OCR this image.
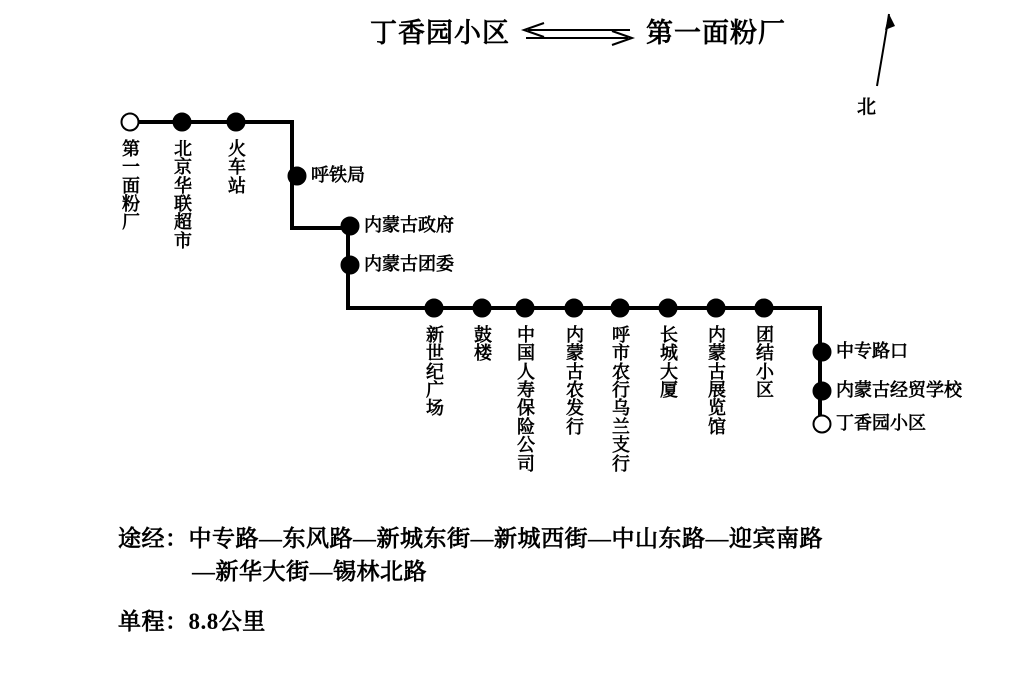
丁香园小区	第一面粉厂
北
第一面粉厂
北京华联超市
火车站
呼铁局
内蒙古政府
内蒙古团委
新世纪广场
鼓楼
中国人寿保险公司
内蒙古农发行
呼市农行乌兰支行
长城大厦
内蒙古展览馆
团结小区
中专路口
内蒙古经贸学校
丁香园小区
途经：中专路—东风路—新城东街—新城西街—中山东路—迎宾南路
—新华大街—锡林北路
单程：8.8公里
